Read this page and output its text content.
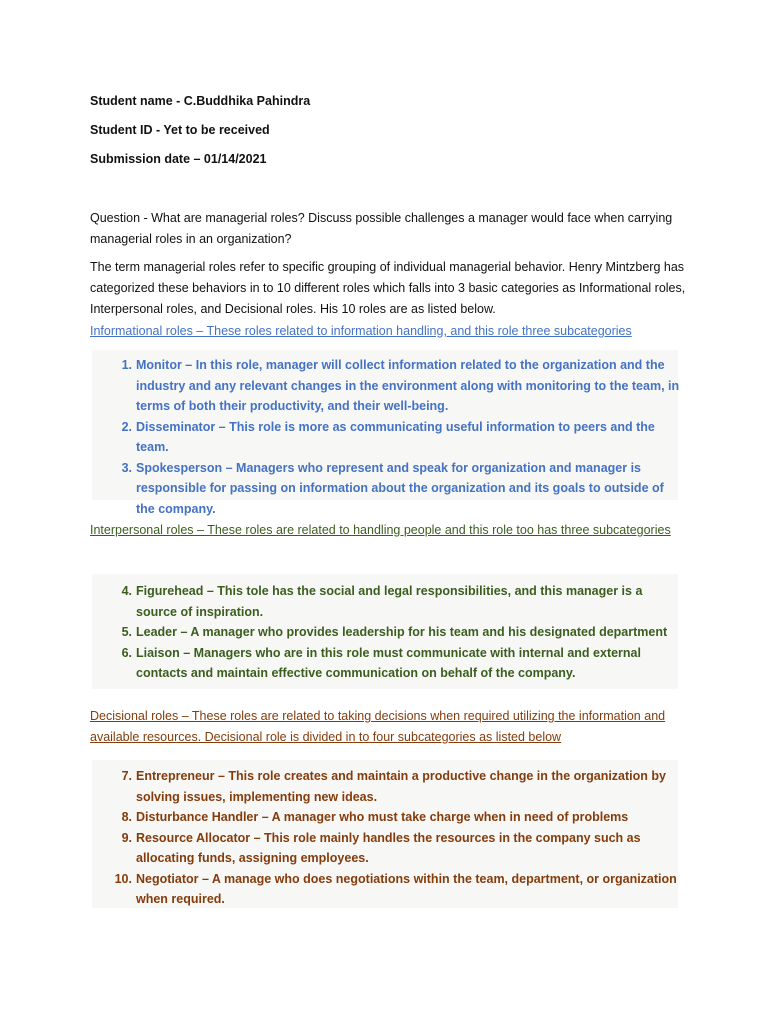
Student name - C.Buddhika Pahindra
Student ID - Yet to be received
Submission date – 01/14/2021
Question - What are managerial roles? Discuss possible challenges a manager would face when carrying managerial roles in an organization?
The term managerial roles refer to specific grouping of individual managerial behavior. Henry Mintzberg has categorized these behaviors in to 10 different roles which falls into 3 basic categories as Informational roles, Interpersonal roles, and Decisional roles. His 10 roles are as listed below.
Informational roles – These roles related to information handling, and this role three subcategories
1. Monitor – In this role, manager will collect information related to the organization and the industry and any relevant changes in the environment along with monitoring to the team, in terms of both their productivity, and their well-being.
2. Disseminator – This role is more as communicating useful information to peers and the team.
3. Spokesperson – Managers who represent and speak for organization and manager is responsible for passing on information about the organization and its goals to outside of the company.
Interpersonal roles – These roles are related to handling people and this role too has three subcategories
4. Figurehead – This tole has the social and legal responsibilities, and this manager is a source of inspiration.
5. Leader – A manager who provides leadership for his team and his designated department
6. Liaison – Managers who are in this role must communicate with internal and external contacts and maintain effective communication on behalf of the company.
Decisional roles – These roles are related to taking decisions when required utilizing the information and available resources. Decisional role is divided in to four subcategories as listed below
7. Entrepreneur – This role creates and maintain a productive change in the organization by solving issues, implementing new ideas.
8. Disturbance Handler – A manager who must take charge when in need of problems
9. Resource Allocator – This role mainly handles the resources in the company such as allocating funds, assigning employees.
10. Negotiator – A manage who does negotiations within the team, department, or organization when required.
